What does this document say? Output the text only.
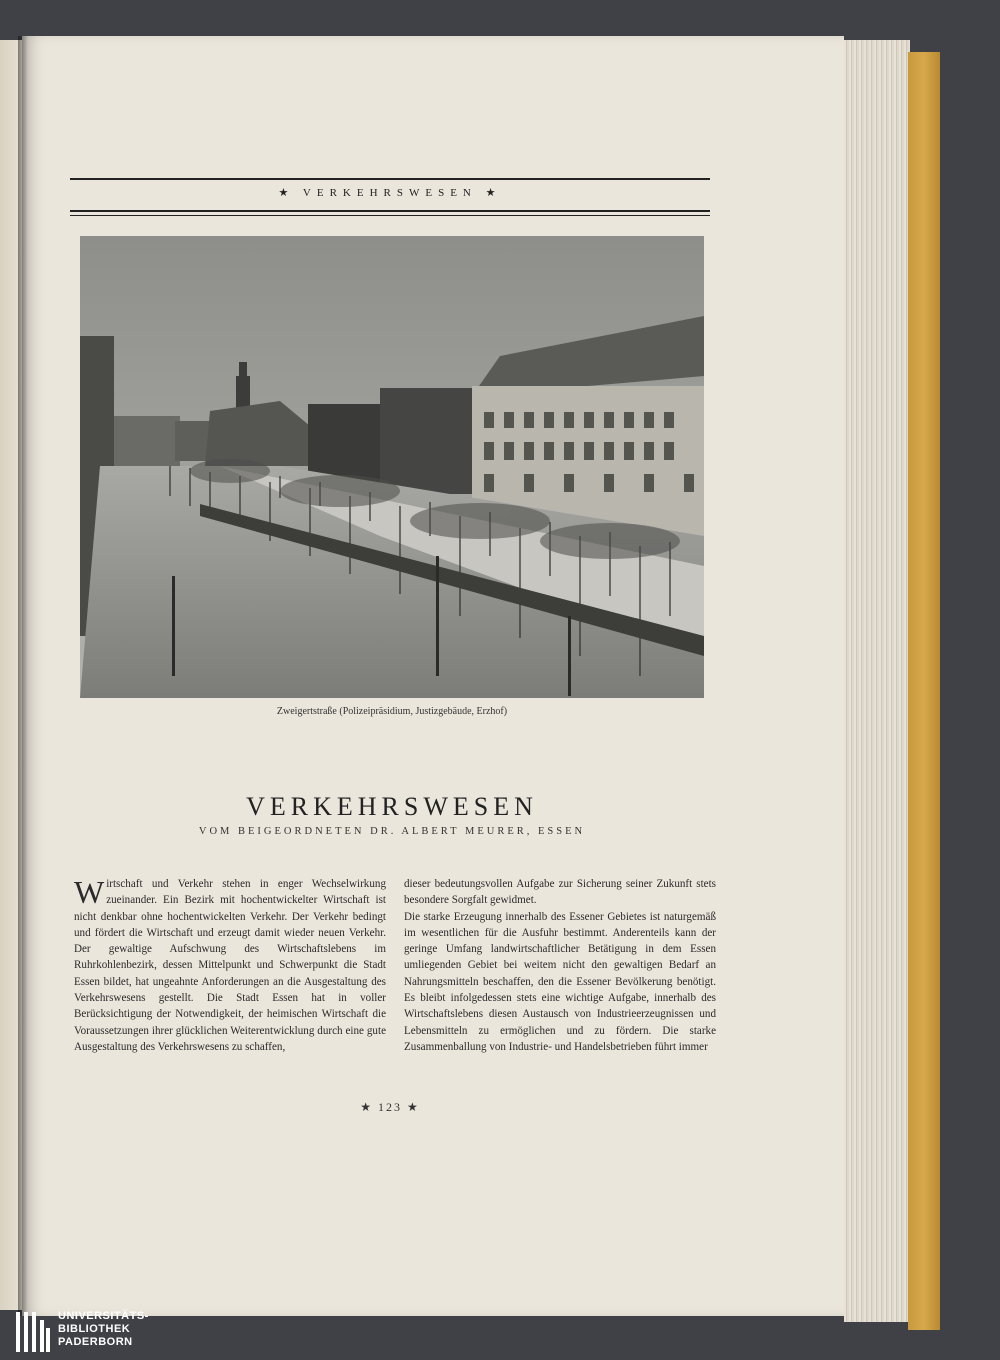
★ VERKEHRSWESEN ★
Zweigertstraße (Polizeipräsidium, Justizgebäude, Erzhof)
VERKEHRSWESEN
VOM BEIGEORDNETEN DR. ALBERT MEURER, ESSEN

Wirtschaft und Verkehr stehen in enger Wechselwirkung zueinander. Ein Bezirk mit hochentwickelter Wirtschaft ist nicht denkbar ohne hochentwickelten Verkehr. Der Verkehr bedingt und fördert die Wirtschaft und erzeugt damit wieder neuen Verkehr. Der gewaltige Aufschwung des Wirtschaftslebens im Ruhrkohlenbezirk, dessen Mittelpunkt und Schwerpunkt die Stadt Essen bildet, hat ungeahnte Anforderungen an die Ausgestaltung des Verkehrswesens gestellt. Die Stadt Essen hat in voller Berücksichtigung der Notwendigkeit, der heimischen Wirtschaft die Voraussetzungen ihrer glücklichen Weiterentwicklung durch eine gute Ausgestaltung des Verkehrswesens zu schaffen,

dieser bedeutungsvollen Aufgabe zur Sicherung seiner Zukunft stets besondere Sorgfalt gewidmet.

Die starke Erzeugung innerhalb des Essener Gebietes ist naturgemäß im wesentlichen für die Ausfuhr bestimmt. Anderenteils kann der geringe Umfang landwirtschaftlicher Betätigung in dem Essen umliegenden Gebiet bei weitem nicht den gewaltigen Bedarf an Nahrungsmitteln beschaffen, den die Essener Bevölkerung benötigt. Es bleibt infolgedessen stets eine wichtige Aufgabe, innerhalb des Wirtschaftslebens diesen Austausch von Industrieerzeugnissen und Lebensmitteln zu ermöglichen und zu fördern. Die starke Zusammenballung von Industrie- und Handelsbetrieben führt immer

★ 123 ★
UNIVERSITÄTS-
BIBLIOTHEK
PADERBORN
